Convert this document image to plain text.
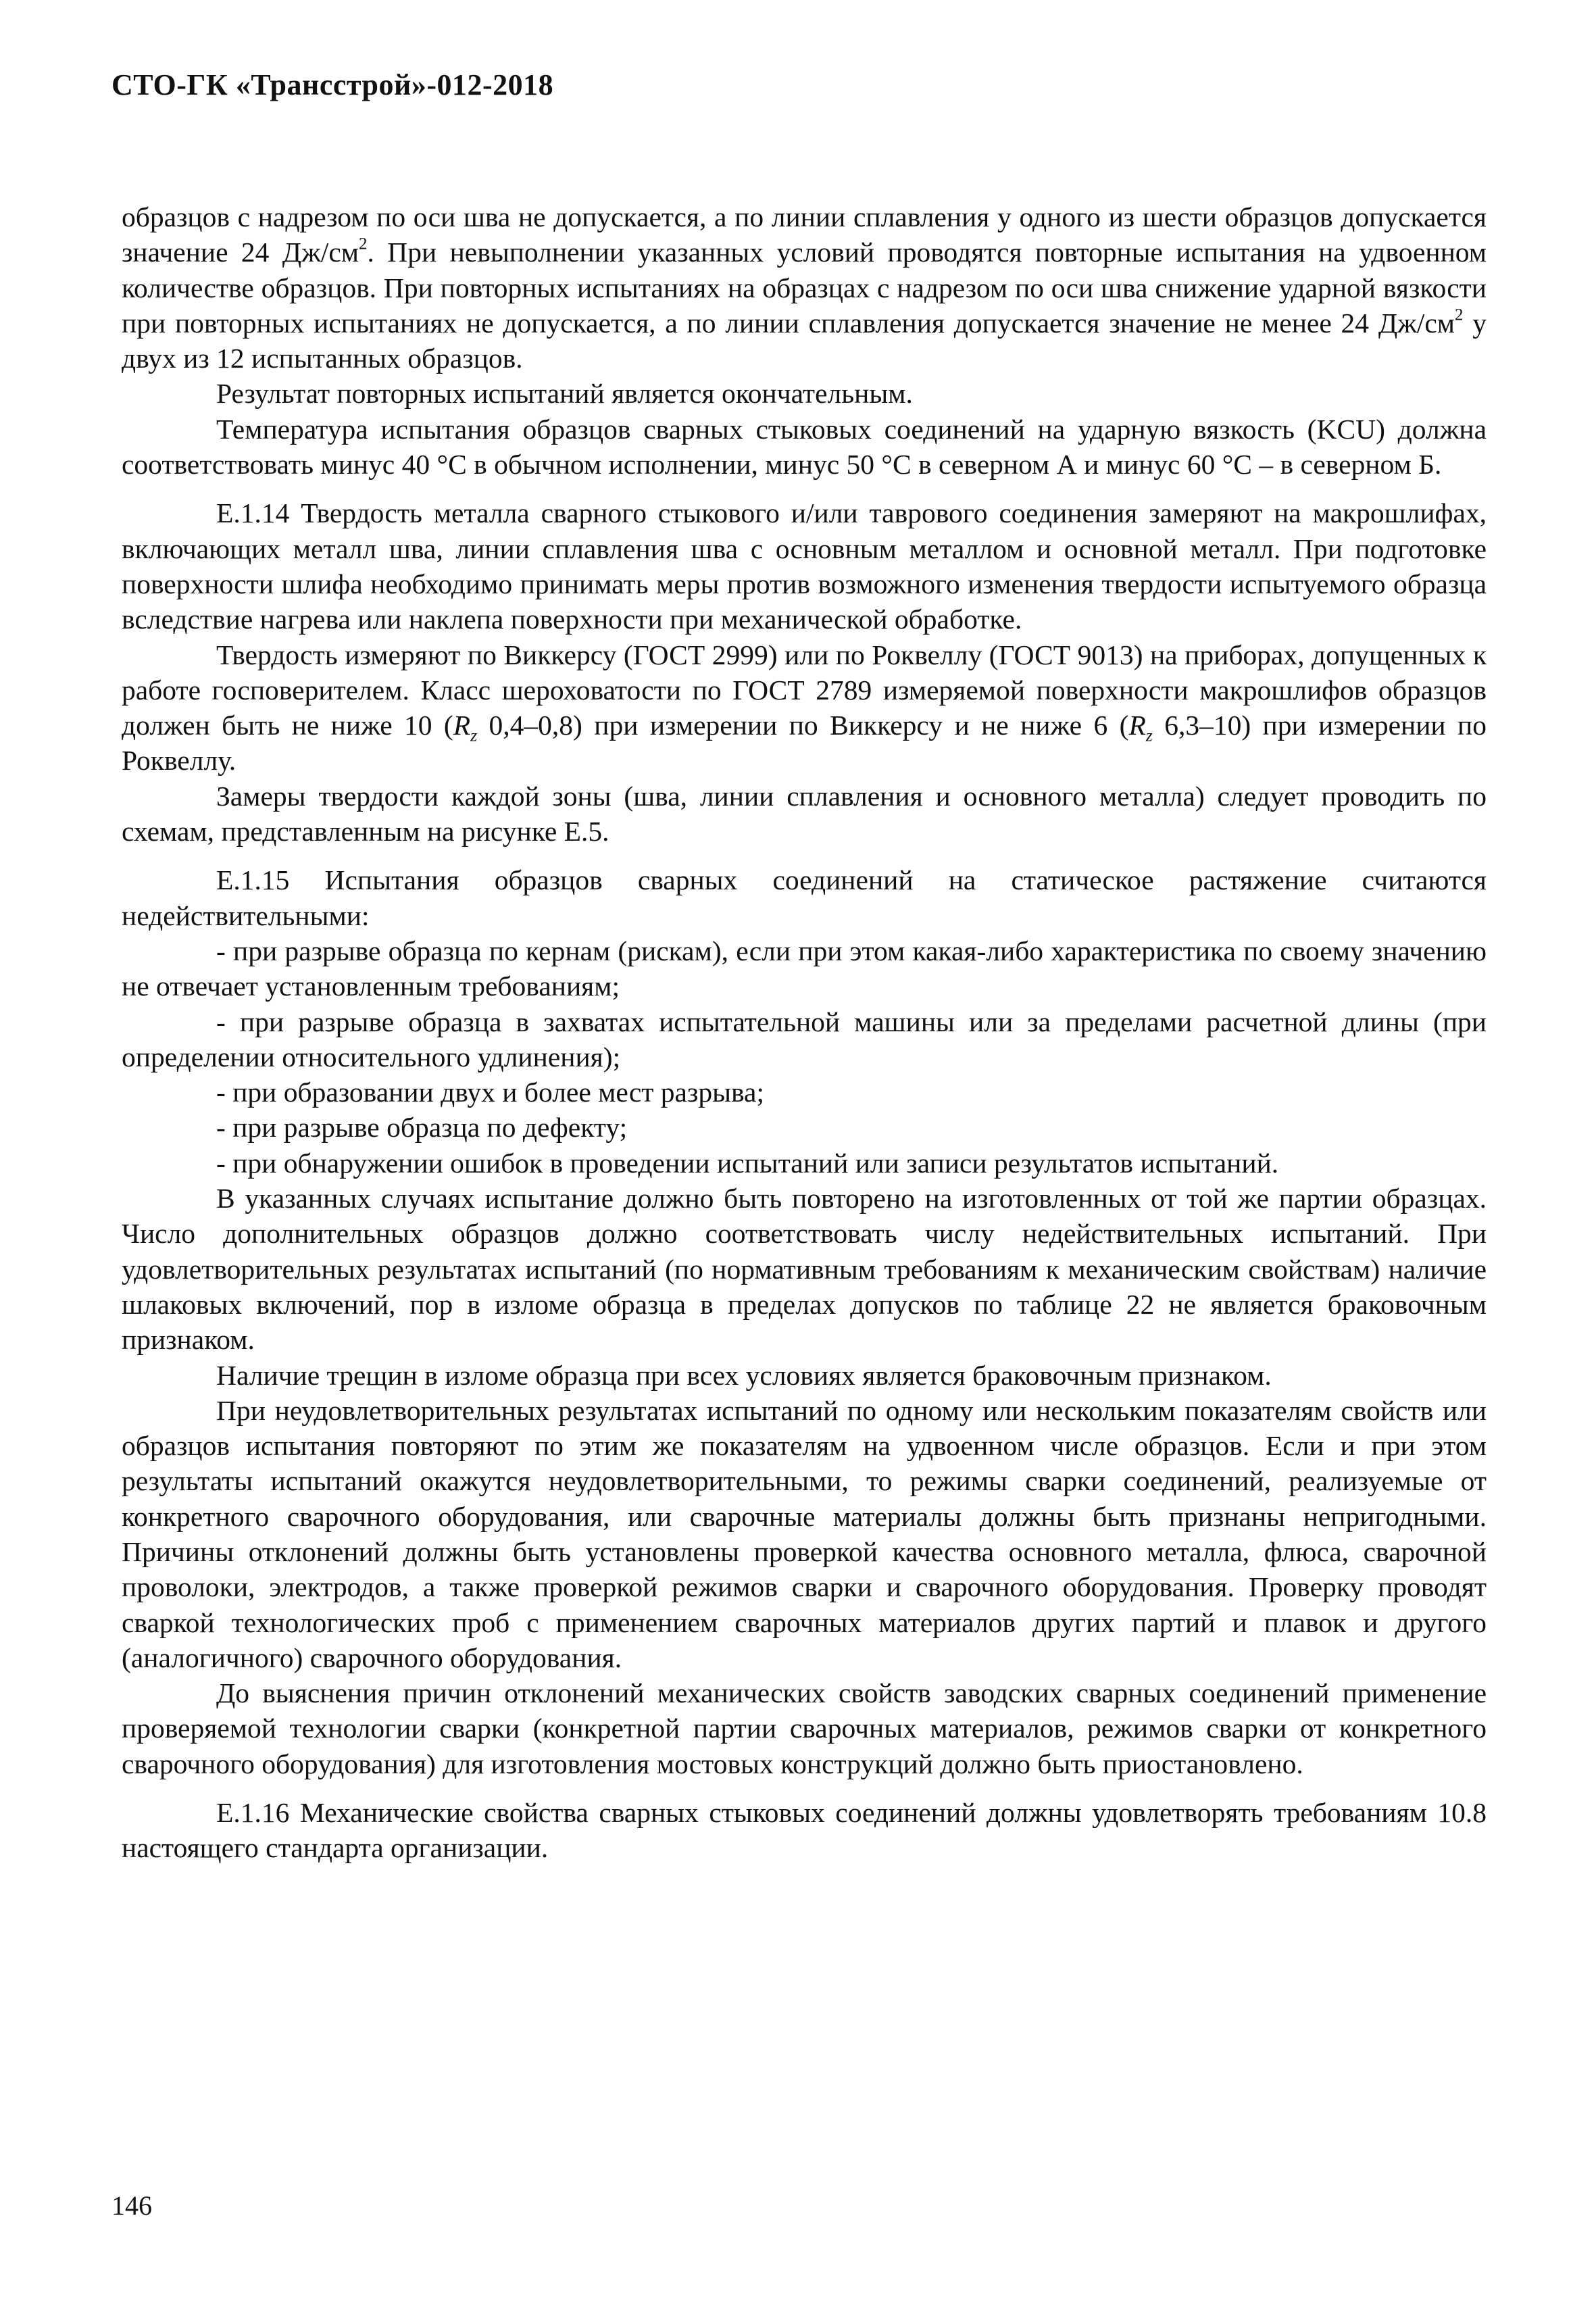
СТО-ГК «Трансстрой»-012-2018

образцов с надрезом по оси шва не допускается, а по линии сплавления у одного из шести образцов допускается значение 24 $Дж/см^2$. При невыполнении указанных условий проводятся повторные испытания на удвоенном количестве образцов. При повторных испытаниях на образцах с надрезом по оси шва снижение ударной вязкости при повторных испытаниях не допускается, а по линии сплавления допускается значение не менее 24 $Дж/см^2$ у двух из 12 испытанных образцов.

Результат повторных испытаний является окончательным.

Температура испытания образцов сварных стыковых соединений на ударную вязкость (KCU) должна соответствовать минус 40 °С в обычном исполнении, минус 50 °С в северном А и минус 60 °С – в северном Б.

Е.1.14 Твердость металла сварного стыкового и/или таврового соединения замеряют на макрошлифах, включающих металл шва, линии сплавления шва с основным металлом и основной металл. При подготовке поверхности шлифа необходимо принимать меры против возможного изменения твердости испытуемого образца вследствие нагрева или наклепа поверхности при механической обработке.

Твердость измеряют по Виккерсу (ГОСТ 2999) или по Роквеллу (ГОСТ 9013) на приборах, допущенных к работе госповерителем. Класс шероховатости по ГОСТ 2789 измеряемой поверхности макрошлифов образцов должен быть не ниже 10 ($R_z$ 0,4–0,8) при измерении по Виккерсу и не ниже 6 ($R_z$ 6,3–10) при измерении по Роквеллу.

Замеры твердости каждой зоны (шва, линии сплавления и основного металла) следует проводить по схемам, представленным на рисунке Е.5.

Е.1.15 Испытания образцов сварных соединений на статическое растяжение считаются недействительными:

- при разрыве образца по кернам (рискам), если при этом какая-либо характеристика по своему значению не отвечает установленным требованиям;

- при разрыве образца в захватах испытательной машины или за пределами расчетной длины (при определении относительного удлинения);

- при образовании двух и более мест разрыва;

- при разрыве образца по дефекту;

- при обнаружении ошибок в проведении испытаний или записи результатов испытаний.

В указанных случаях испытание должно быть повторено на изготовленных от той же партии образцах. Число дополнительных образцов должно соответствовать числу недействительных испытаний. При удовлетворительных результатах испытаний (по нормативным требованиям к механическим свойствам) наличие шлаковых включений, пор в изломе образца в пределах допусков по таблице 22 не является браковочным признаком.

Наличие трещин в изломе образца при всех условиях является браковочным признаком.

При неудовлетворительных результатах испытаний по одному или нескольким показателям свойств или образцов испытания повторяют по этим же показателям на удвоенном числе образцов. Если и при этом результаты испытаний окажутся неудовлетворительными, то режимы сварки соединений, реализуемые от конкретного сварочного оборудования, или сварочные материалы должны быть признаны непригодными. Причины отклонений должны быть установлены проверкой качества основного металла, флюса, сварочной проволоки, электродов, а также проверкой режимов сварки и сварочного оборудования. Проверку проводят сваркой технологических проб с применением сварочных материалов других партий и плавок и другого (аналогичного) сварочного оборудования.

До выяснения причин отклонений механических свойств заводских сварных соединений применение проверяемой технологии сварки (конкретной партии сварочных материалов, режимов сварки от конкретного сварочного оборудования) для изготовления мостовых конструкций должно быть приостановлено.

Е.1.16 Механические свойства сварных стыковых соединений должны удовлетворять требованиям 10.8 настоящего стандарта организации.

146
